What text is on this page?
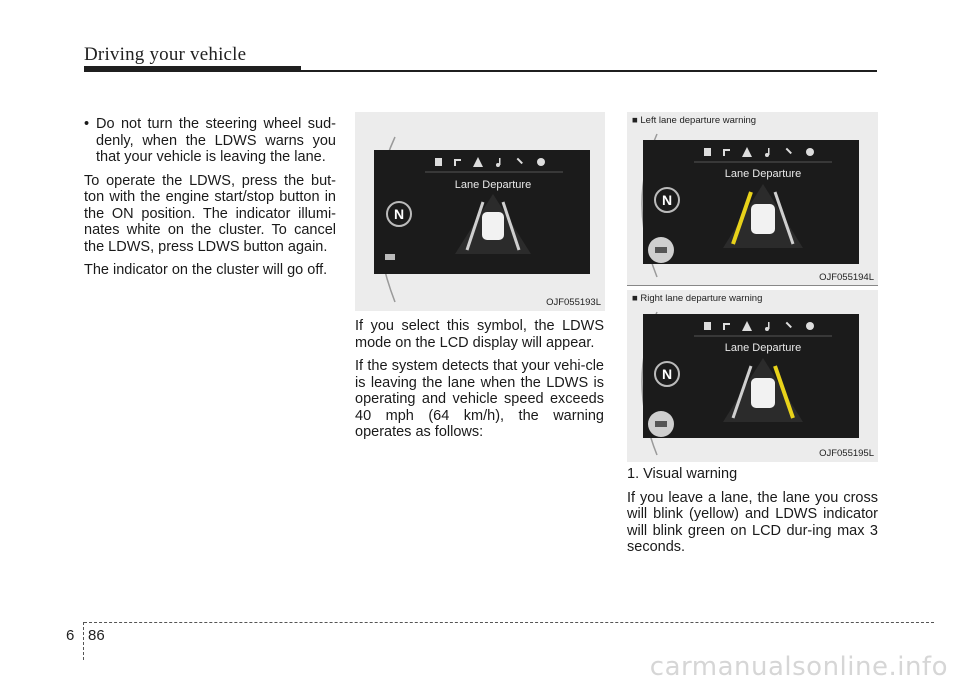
Driving your vehicle
• Do not turn the steering wheel sud-denly, when the LDWS warns you that your vehicle is leaving the lane.

To operate the LDWS, press the but-ton with the engine start/stop button in the ON position. The indicator illumi-nates white on the cluster. To cancel the LDWS, press LDWS button again.

The indicator on the cluster will go off.

Lane Departure
N
OJF055193L

If you select this symbol, the LDWS mode on the LCD display will appear.

If the system detects that your vehi-cle is leaving the lane when the LDWS is operating and vehicle speed exceeds 40 mph (64 km/h), the warning operates as follows:

■ Left lane departure warning
Lane Departure
N
OJF055194L
■ Right lane departure warning
Lane Departure
N
OJF055195L

1. Visual warning

If you leave a lane, the lane you cross will blink (yellow) and LDWS indicator will blink green on LCD dur-ing max 3 seconds.

6 86
carmanualsonline.info
